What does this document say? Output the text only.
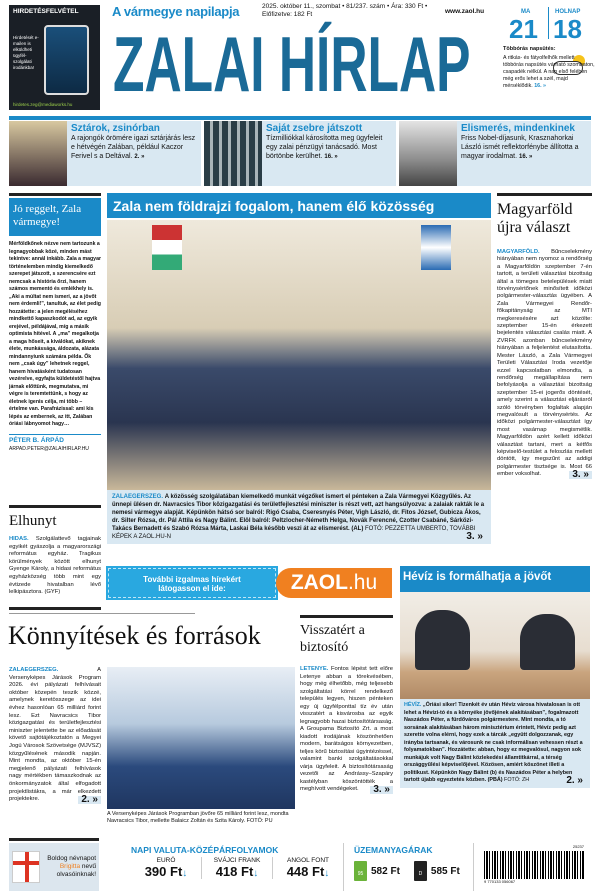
HIRDETÉSFELVÉTEL
Hirdetését e-mailen is elküldheti ügyfél-szolgálati irodánkba!
hirdetes.zeg@mediaworks.hu
A vármegye napilapja	2025. október 11., szombat • 81/237. szám • Ára: 330 Ft • Előfizetve: 182 Ft	www.zaol.hu
ZALAI HÍRLAP
MA
21
HOLNAP
18
Többórás napsütés:
A ritkás- és fátyolfelhők mellett többórás napsütés várható szombaton, csapadék nélkül. A nap első felében még erős lehet a szél, majd mérséklődik. 16. »
Sztárok, zsinórban
A rajongók örömére igazi sztárjárás lesz e hétvégén Zalában, például Kaczor Ferivel s a Deltával. 2. »
Saját zsebre játszott
Tízmilliókkal károsította meg ügyfeleit egy zalai pénzügyi tanácsadó. Most börtönbe kerülhet. 16. »
Elismerés, mindenkinek
Friss Nobel-díjasunk, Krasznahorkai László ismét reflektorfénybe állította a magyar irodalmat. 16. »
Jó reggelt, Zala vármegye!
Mérföldkőnek nézve nem tartozunk a legnagyobbak közé, minden mást tekintve: annál inkább. Zala a magyar történelemben mindig kiemelkedő szerepet játszott, s szerencsére ezt nemcsak a história őrzi, hanem számos mementó és emlékhely is. „Aki a múltat nem ismeri, az a jövőt nem érdemli!”, tanultuk, az élet pedig hozzátette: a jelen megéléséhez mindkettő kapaszkodót ad, az egyik erejével, példájával, míg a másik optimista hitével. A „ma” megalkotja a maga hőseit, a kiválókat, akiknek élete, munkássága, áldozata, alázata mindannyiunk számára példa. Ők nem „csak úgy” lehetnek reggel, hanem hivatásként tudatosan vezérelve, egyfajta küldetéstől hajtva járnak előttünk, megmutatva, mi végre is teremtettünk, s hogy az életnek igenis célja, mi több – értelme van. Parafrázissal: ami kis lépés az embernek, az itt, Zalában óriási lábnyomot hagy…
PÉTER B. ÁRPÁD
ARPAD.PETER@ZALAIHIRLAP.HU
Zala nem földrajzi fogalom, hanem élő közösség
ZALAEGERSZEG. A közösség szolgálatában kiemelkedő munkát végzőket ismert el pénteken a Zala Vármegyei Közgyűlés. Az ünnepi ülésen dr. Navracsics Tibor közigazgatási és területfejlesztési miniszter is részt vett, azt hangsúlyozva: a zalaiak rakták le a nemesi vármegye alapját. Képünkön hátsó sor balról: Rigó Csaba, Cseresnyés Péter, Vigh László, dr. Fitos József, Gubicza Ákos, dr. Silter Rózsa, dr. Pál Attila és Nagy Bálint. Elöl balról: Peltzlocher-Németh Helga, Novák Ferencné, Czotter Csabáné, Sárközi-Takács Bernadett és Szabó Rózsa Márta, Laskai Béla később veszi át az elismerést. (AL) FOTÓ: PEZZETTA UMBERTO, TOVÁBBI KÉPEK A ZAOL.HU-N	3. »
Magyarföld újra választ
MAGYARFÖLD. Bűncselekmény hiányában nem nyomoz a rendőrség a Magyarföldön szeptember 7-én tartott, a területi választási bizottság által a tömeges betelepülések miatt törvénysértőnek minősített időközi polgármester-választás ügyében. A Zala Vármegyei Rendőr-főkapitányság az MTI megkeresésére azt közölte: szeptember 15-én érkezett bejelentés választási csalás miatt. A ZVRFK azonban bűncselekmény hiányában a feljelentést elutasította. Mester László, a Zala Vármegyei Területi Választási Iroda vezetője ezzel kapcsolatban elmondta, a rendőrség megállapítása nem befolyásolja a választási bizottság szeptember 15-ei jogerős döntését, amely szerint a választási eljárásról szóló törvényben foglaltak alapján megvalósult a törvénysértés. Az időközi polgármester-választást így most vasárnap megismétlik. Magyarföldön azért kellett időközi választást tartani, mert a kétfős képviselő-testület a feloszlás mellett döntött, így megszűnt az addigi polgármester tisztsége is. Most 66 ember voksolhat.	3. »
Elhunyt
HIDAS. Szolgálattevő tagjainak egyikét gyászolja a magyarországi református egyház. Tragikus körülmények között elhunyt Gyenge Károly, a hidasi református egyházközség több mint egy évtizede hivatalban lévő lelkipásztora. (GYF)
További izgalmas hírekért látogasson el ide:	ZAOL.hu	Hévíz is formálhatja a jövőt
HÉVÍZ. „Óriási siker! Tizenkét év után Hévíz városa hivatalosan is ott lehet a Hévízi-tó és a környéke jövőjének alakításában”, fogalmazott Naszádos Péter, a fürdőváros polgármestere. Mint mondta, a tó sorsának alakításában három minisztérium érintett, Hévíz pedig azt szerette volna elérni, hogy ezek a tárcák „együtt dolgozzanak, egy irányba tartsanak, és városunk ne csak informálisan vehessen részt a folyamatokban”. Hozzátette: abban, hogy ez megvalósul, nagyon sok munkájuk volt Nagy Bálint közlekedési államtitkárral, a térség országgyűlési képviselőjével. Közösen, amiért köszönet illeti a politikust. Képünkön Nagy Bálint (b) és Naszádos Péter a helyben tartott újabb egyeztetés közben. (PBÁ) FOTÓ: ZH	2. »
Könnyítések és források
ZALAEGERSZEG.	A Versenyképes Járások Program 2026. évi pályázati felhívásait október közepén teszik közzé, amelynek keretösszege az idei évhez hasonlóan 65 milliárd forint lesz. Ezt Navracsics Tibor közigazgatási és területfejlesztési miniszter jelentette be az előadását követő sajtótájékoztatón a Megyei Jogú Városok Szövetsége (MJVSZ) közgyűlésének második napján. Mint mondta, az október 15-én megjelenő pályázati felhívások nagy mértékben támaszkodnak az önkormányzatok által elfogadott projektlistákra, a már elkezdett projektekre.	2. »
A Versenyképes Járások Programban jövőre 65 milliárd forint lesz, mondta Navracsics Tibor, mellette Balaicz Zoltán és Szita Károly. FOTÓ: PU
Visszatért a biztosító
LETENYE. Fontos lépést tett előre Letenye abban a törekvésében, hogy még élhetőbb, még teljesebb szolgáltatási körrel rendelkező település legyen, hiszen pénteken egy új ügyfélponttal tíz év után visszatért a kisvárosba az egyik legnagyobb hazai biztosítótársaság. A Groupama Biztosító Zrt. a most kiadott irodájának köszönhetően modern, barátságos környezetben, teljes körű biztosítási ügyintézéssel, valamint banki szolgáltatásokkal várja ügyfeleit. A biztosítótársaság vezetői az Andrássy–Szapáry kastélyban köszöntötték a meghívott vendégeket.	3. »
Boldog névnapot
Brigitta nevű olvasóinknak!
NAPI VALUTA-KÖZÉPÁRFOLYAMOK
EURÓ
390 Ft↓
SVÁJCI FRANK
418 Ft↓
ANGOL FONT
448 Ft↓
ÜZEMANYAGÁRAK
95 582 Ft	D 585 Ft
25237
9 770133 056067
